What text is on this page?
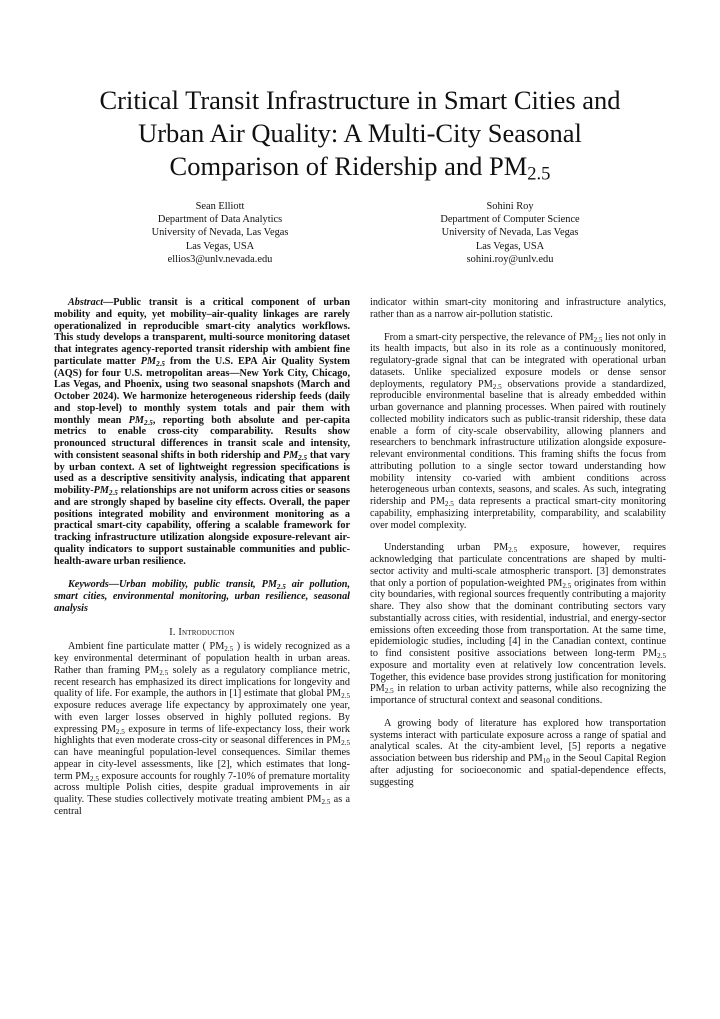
Critical Transit Infrastructure in Smart Cities and
Urban Air Quality: A Multi-City Seasonal
Comparison of Ridership and $PM_{2.5}$
Sean Elliott
Department of Data Analytics
University of Nevada, Las Vegas
Las Vegas, USA
ellios3@unlv.nevada.edu
Sohini Roy
Department of Computer Science
University of Nevada, Las Vegas
Las Vegas, USA
sohini.roy@unlv.edu

Abstract—Public transit is a critical component of urban mobility and equity, yet mobility–air-quality linkages are rarely operationalized in reproducible smart-city analytics workflows. This study develops a transparent, multi-source monitoring dataset that integrates agency-reported transit ridership with ambient fine particulate matter $PM_{2.5}$ from the U.S. EPA Air Quality System (AQS) for four U.S. metropolitan areas—New York City, Chicago, Las Vegas, and Phoenix, using two seasonal snapshots (March and October 2024). We harmonize heterogeneous ridership feeds (daily and stop-level) to monthly system totals and pair them with monthly mean $PM_{2.5}$, reporting both absolute and per-capita metrics to enable cross-city comparability. Results show pronounced structural differences in transit scale and intensity, with consistent seasonal shifts in both ridership and $PM_{2.5}$ that vary by urban context. A set of lightweight regression specifications is used as a descriptive sensitivity analysis, indicating that apparent mobility-$PM_{2.5}$ relationships are not uniform across cities or seasons and are strongly shaped by baseline city effects. Overall, the paper positions integrated mobility and environment monitoring as a practical smart-city capability, offering a scalable framework for tracking infrastructure utilization alongside exposure-relevant air-quality indicators to support sustainable communities and public-health-aware urban resilience.

Keywords—Urban mobility, public transit, $PM_{2.5}$ air pollution, smart cities, environmental monitoring, urban resilience, seasonal analysis

I. Introduction

Ambient fine particulate matter ( $PM_{2.5}$ ) is widely recognized as a key environmental determinant of population health in urban areas. Rather than framing $PM_{2.5}$ solely as a regulatory compliance metric, recent research has emphasized its direct implications for longevity and quality of life. For example, the authors in [1] estimate that global $PM_{2.5}$ exposure reduces average life expectancy by approximately one year, with even larger losses observed in highly polluted regions. By expressing $PM_{2.5}$ exposure in terms of life-expectancy loss, their work highlights that even moderate cross-city or seasonal differences in $PM_{2.5}$ can have meaningful population-level consequences. Similar themes appear in city-level assessments, like [2], which estimates that long-term $PM_{2.5}$ exposure accounts for roughly 7-10% of premature mortality across multiple Polish cities, despite gradual improvements in air quality. These studies collectively motivate treating ambient $PM_{2.5}$ as a central

indicator within smart-city monitoring and infrastructure analytics, rather than as a narrow air-pollution statistic.

From a smart-city perspective, the relevance of $PM_{2.5}$ lies not only in its health impacts, but also in its role as a continuously monitored, regulatory-grade signal that can be integrated with operational urban datasets. Unlike specialized exposure models or dense sensor deployments, regulatory $PM_{2.5}$ observations provide a standardized, reproducible environmental baseline that is already embedded within urban governance and planning processes. When paired with routinely collected mobility indicators such as public-transit ridership, these data enable a form of city-scale observability, allowing planners and researchers to benchmark infrastructure utilization alongside exposure-relevant environmental conditions. This framing shifts the focus from attributing pollution to a single sector toward understanding how mobility intensity co-varied with ambient conditions across heterogeneous urban contexts, seasons, and scales. As such, integrating ridership and $PM_{2.5}$ data represents a practical smart-city monitoring capability, emphasizing interpretability, comparability, and scalability over model complexity.

Understanding urban $PM_{2.5}$ exposure, however, requires acknowledging that particulate concentrations are shaped by multi-sector activity and multi-scale atmospheric transport. [3] demonstrates that only a portion of population-weighted $PM_{2.5}$ originates from within city boundaries, with regional sources frequently contributing a majority share. They also show that the dominant contributing sectors vary substantially across cities, with residential, industrial, and energy-sector emissions often exceeding those from transportation. At the same time, epidemiologic studies, including [4] in the Canadian context, continue to find consistent positive associations between long-term $PM_{2.5}$ exposure and mortality even at relatively low concentration levels. Together, this evidence base provides strong justification for monitoring $PM_{2.5}$ in relation to urban activity patterns, while also recognizing the importance of structural context and seasonal conditions.

A growing body of literature has explored how transportation systems interact with particulate exposure across a range of spatial and analytical scales. At the city-ambient level, [5] reports a negative association between bus ridership and $PM_{10}$ in the Seoul Capital Region after adjusting for socioeconomic and spatial-dependence effects, suggesting
